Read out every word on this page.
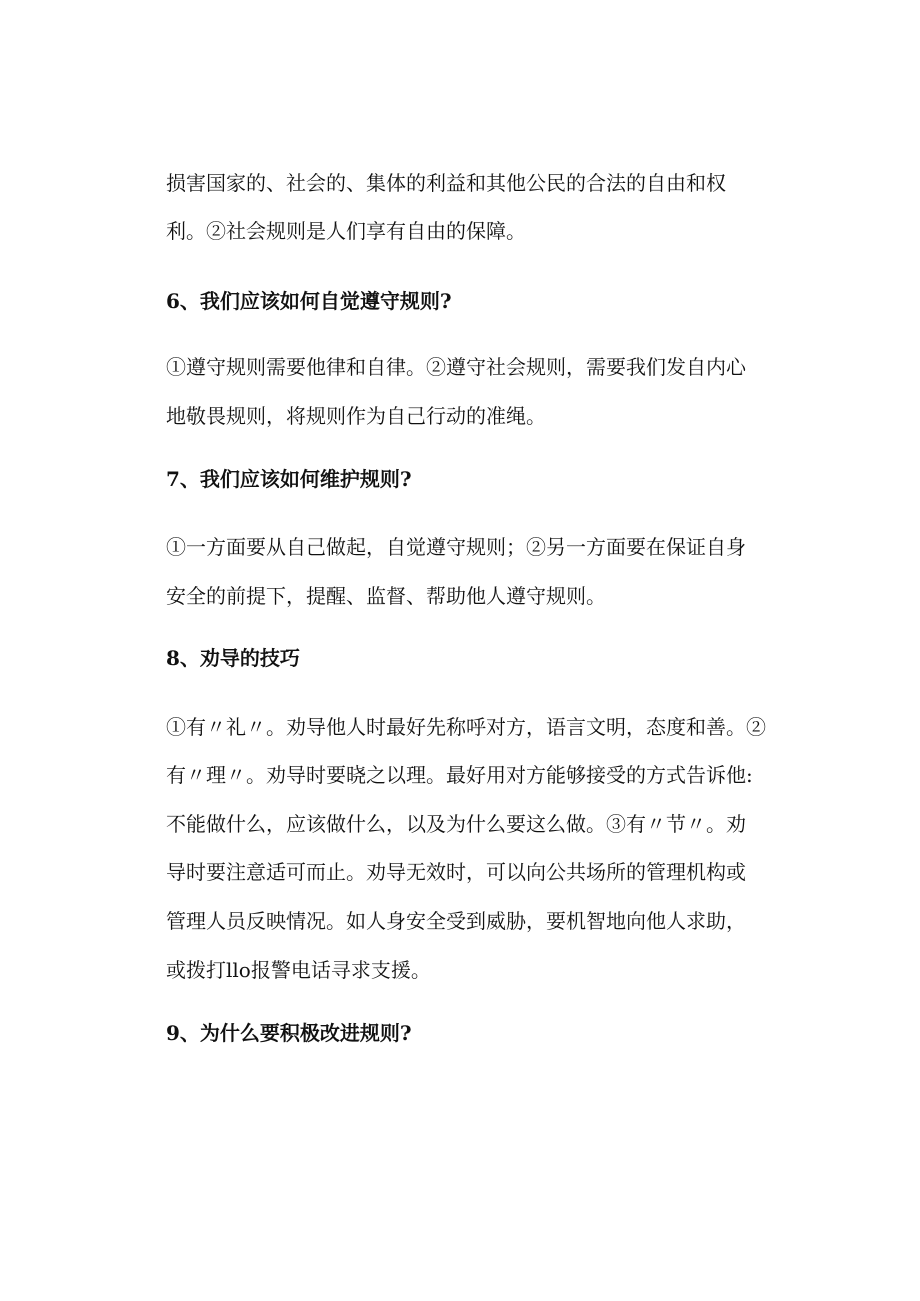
损害国家的、社会的、集体的利益和其他公民的合法的自由和权
利。②社会规则是人们享有自由的保障。
6、我们应该如何自觉遵守规则?
①遵守规则需要他律和自律。②遵守社会规则，需要我们发自内心
地敬畏规则，将规则作为自己行动的准绳。
7、我们应该如何维护规则?
①一方面要从自己做起，自觉遵守规则；②另一方面要在保证自身
安全的前提下，提醒、监督、帮助他人遵守规则。
8、劝导的技巧
①有〃礼〃。劝导他人时最好先称呼对方，语言文明，态度和善。②
有〃理〃。劝导时要晓之以理。最好用对方能够接受的方式告诉他:
不能做什么，应该做什么，以及为什么要这么做。③有〃节〃。劝
导时要注意适可而止。劝导无效时，可以向公共场所的管理机构或
管理人员反映情况。如人身安全受到威胁，要机智地向他人求助，
或拨打llo报警电话寻求支援。
9、为什么要积极改进规则?
